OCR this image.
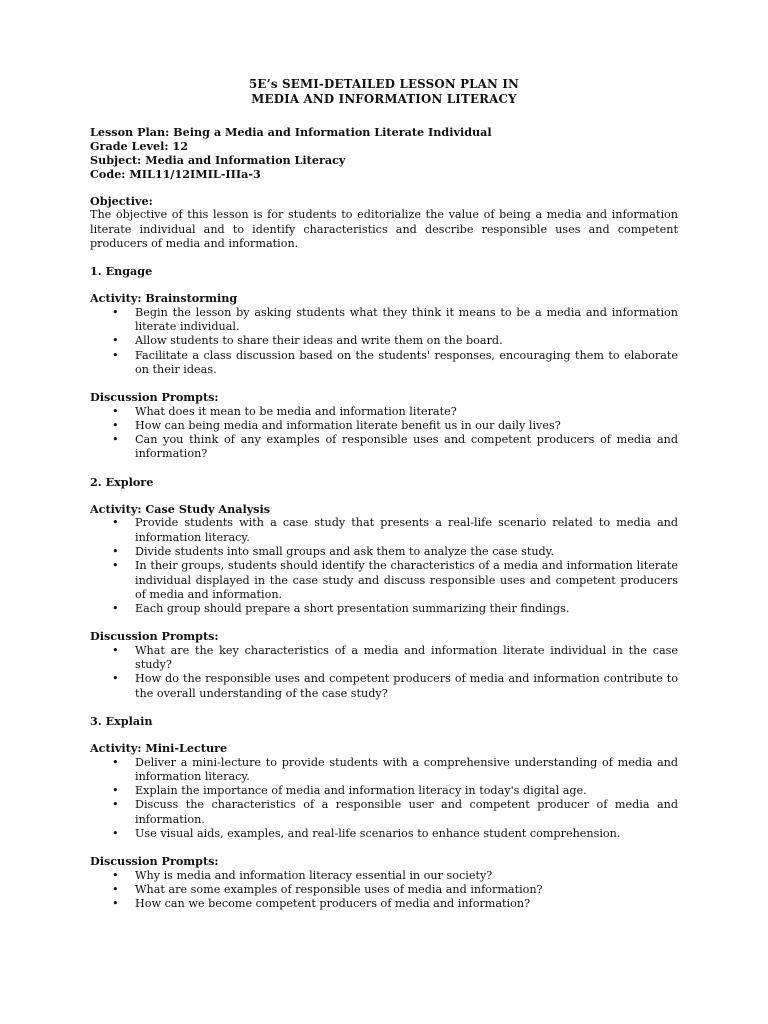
5E’s SEMI-DETAILED LESSON PLAN IN
MEDIA AND INFORMATION LITERACY
Lesson Plan: Being a Media and Information Literate Individual
Grade Level: 12
Subject: Media and Information Literacy
Code: MIL11/12IMIL-IIIa-3
Objective:
The objective of this lesson is for students to editorialize the value of being a media and information literate individual and to identify characteristics and describe responsible uses and competent producers of media and information.
1. Engage
Activity: Brainstorming
• Begin the lesson by asking students what they think it means to be a media and information literate individual.
• Allow students to share their ideas and write them on the board.
• Facilitate a class discussion based on the students' responses, encouraging them to elaborate on their ideas.
Discussion Prompts:
• What does it mean to be media and information literate?
• How can being media and information literate benefit us in our daily lives?
• Can you think of any examples of responsible uses and competent producers of media and information?
2. Explore
Activity: Case Study Analysis
• Provide students with a case study that presents a real-life scenario related to media and information literacy.
• Divide students into small groups and ask them to analyze the case study.
• In their groups, students should identify the characteristics of a media and information literate individual displayed in the case study and discuss responsible uses and competent producers of media and information.
• Each group should prepare a short presentation summarizing their findings.
Discussion Prompts:
• What are the key characteristics of a media and information literate individual in the case study?
• How do the responsible uses and competent producers of media and information contribute to the overall understanding of the case study?
3. Explain
Activity: Mini-Lecture
• Deliver a mini-lecture to provide students with a comprehensive understanding of media and information literacy.
• Explain the importance of media and information literacy in today's digital age.
• Discuss the characteristics of a responsible user and competent producer of media and information.
• Use visual aids, examples, and real-life scenarios to enhance student comprehension.
Discussion Prompts:
• Why is media and information literacy essential in our society?
• What are some examples of responsible uses of media and information?
• How can we become competent producers of media and information?
